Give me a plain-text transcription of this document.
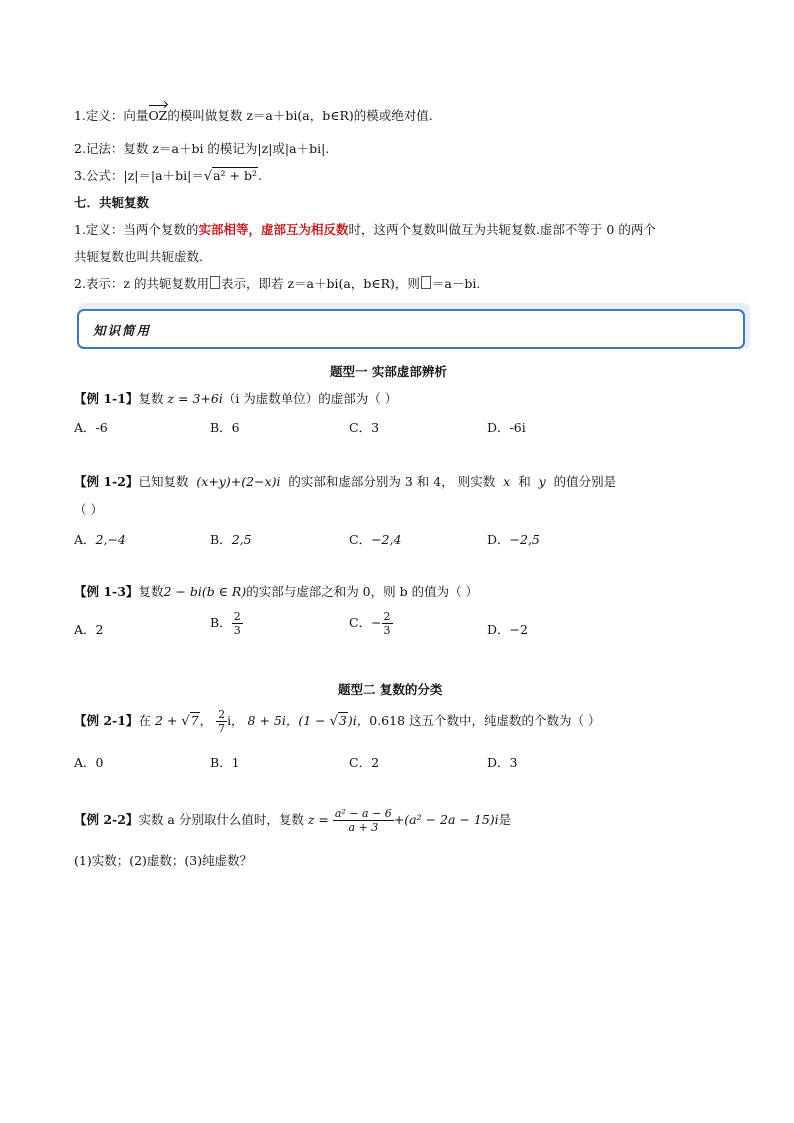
1.定义：向量OZ的模叫做复数 z＝a＋bi(a，b∈R)的模或绝对值.
2.记法：复数 z＝a＋bi 的模记为|z|或|a＋bi|.
3.公式：|z|＝|a＋bi|＝√a² + b².
七．共轭复数
1.定义：当两个复数的实部相等，虚部互为相反数时，这两个复数叫做互为共轭复数.虚部不等于 0 的两个
共轭复数也叫共轭虚数.
2.表示：z 的共轭复数用 表示，即若 z＝a＋bi(a，b∈R)，则 ＝a－bi.
知识简用
题型一 实部虚部辨析
【例 1-1】复数 z = 3+6i（i 为虚数单位）的虚部为（ ）
A．-6	B．6	C．3	D．-6i
【例 1-2】已知复数 (x+y)+(2−x)i 的实部和虚部分别为 3 和 4， 则实数 x 和 y 的值分别是
（ ）
A．2,−4	B．2,5	C．−2,4	D．−2,5
【例 1-3】复数2 − bi(b ∈ R)的实部与虚部之和为 0，则 b 的值为（ ）
A．2	B． $\frac{2}{3}$	C．− $\frac{2}{3}$	D．−2
题型二 复数的分类
【例 2-1】在 2 + √7， $\frac{2}{7}$ i， 8 + 5i，(1 − √3)i，0.618 这五个数中，纯虚数的个数为（ ）
A．0	B．1	C．2	D．3
【例 2-2】实数 a 分别取什么值时，复数 $z = \frac{\text{a² − a − 6}}{a + 3} +(a^2 - 2a - 15)i$是
(1)实数；(2)虚数；(3)纯虚数？
